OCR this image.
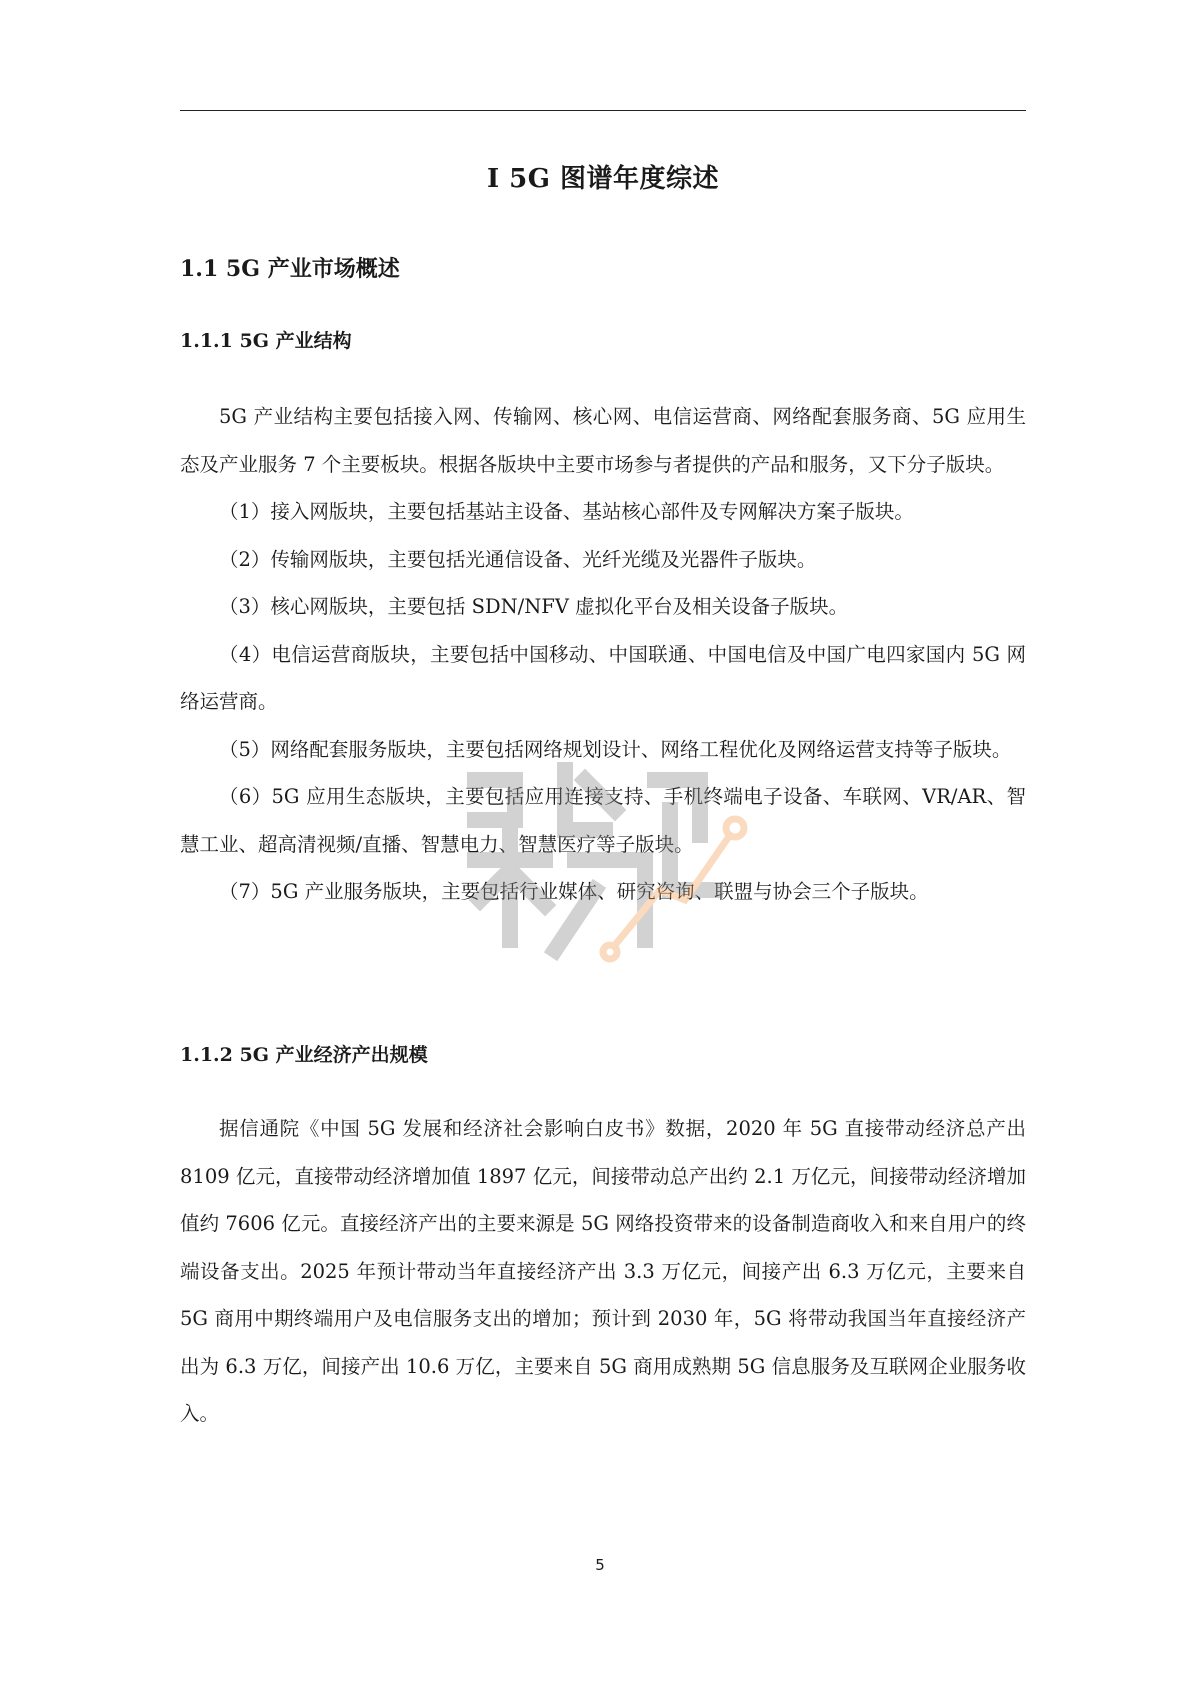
I 5G 图谱年度综述
1.1 5G 产业市场概述
1.1.1 5G 产业结构

5G 产业结构主要包括接入网、传输网、核心网、电信运营商、网络配套服务商、5G 应用生态及产业服务 7 个主要板块。根据各版块中主要市场参与者提供的产品和服务，又下分子版块。

（1）接入网版块，主要包括基站主设备、基站核心部件及专网解决方案子版块。

（2）传输网版块，主要包括光通信设备、光纤光缆及光器件子版块。

（3）核心网版块，主要包括 SDN/NFV 虚拟化平台及相关设备子版块。

（4）电信运营商版块，主要包括中国移动、中国联通、中国电信及中国广电四家国内 5G 网络运营商。

（5）网络配套服务版块，主要包括网络规划设计、网络工程优化及网络运营支持等子版块。

（6）5G 应用生态版块，主要包括应用连接支持、手机终端电子设备、车联网、VR/AR、智慧工业、超高清视频/直播、智慧电力、智慧医疗等子版块。

（7）5G 产业服务版块，主要包括行业媒体、研究咨询、联盟与协会三个子版块。

1.1.2 5G 产业经济产出规模

据信通院《中国 5G 发展和经济社会影响白皮书》数据，2020 年 5G 直接带动经济总产出 8109 亿元，直接带动经济增加值 1897 亿元，间接带动总产出约 2.1 万亿元，间接带动经济增加值约 7606 亿元。直接经济产出的主要来源是 5G 网络投资带来的设备制造商收入和来自用户的终端设备支出。2025 年预计带动当年直接经济产出 3.3 万亿元，间接产出 6.3 万亿元，主要来自 5G 商用中期终端用户及电信服务支出的增加；预计到 2030 年，5G 将带动我国当年直接经济产出为 6.3 万亿，间接产出 10.6 万亿，主要来自 5G 商用成熟期 5G 信息服务及互联网企业服务收入。

5
